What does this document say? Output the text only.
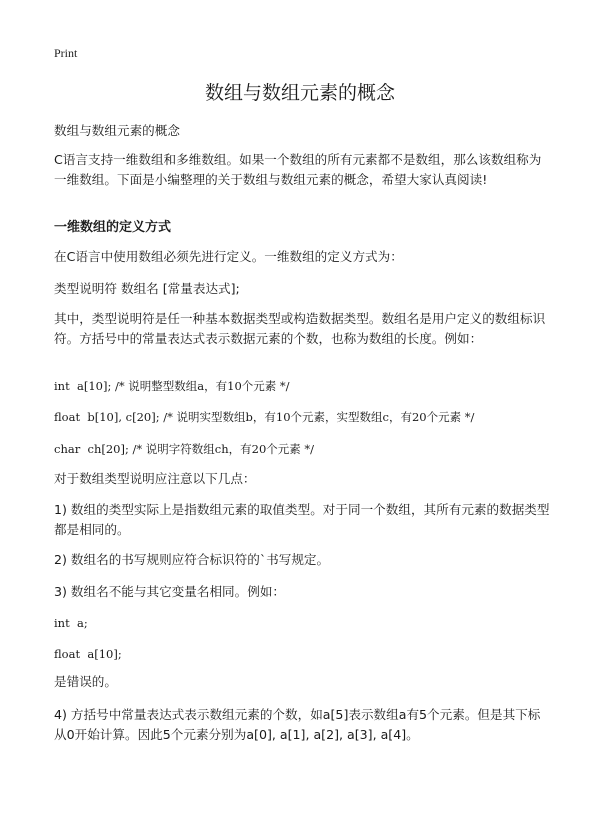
Print
数组与数组元素的概念

数组与数组元素的概念

C语言支持一维数组和多维数组。如果一个数组的所有元素都不是数组，那么该数组称为一维数组。下面是小编整理的关于数组与数组元素的概念，希望大家认真阅读!

一维数组的定义方式

在C语言中使用数组必须先进行定义。一维数组的定义方式为：

类型说明符 数组名 [常量表达式];

其中，类型说明符是任一种基本数据类型或构造数据类型。数组名是用户定义的数组标识符。方括号中的常量表达式表示数据元素的个数，也称为数组的长度。例如：

int  a[10]; /* 说明整型数组a，有10个元素 */

float  b[10], c[20]; /* 说明实型数组b，有10个元素，实型数组c，有20个元素 */

char  ch[20]; /* 说明字符数组ch，有20个元素 */

对于数组类型说明应注意以下几点：

1) 数组的类型实际上是指数组元素的取值类型。对于同一个数组，其所有元素的数据类型都是相同的。

2) 数组名的书写规则应符合标识符的`书写规定。

3) 数组名不能与其它变量名相同。例如：

int  a;

float  a[10];

是错误的。

4) 方括号中常量表达式表示数组元素的个数，如a[5]表示数组a有5个元素。但是其下标从0开始计算。因此5个元素分别为a[0], a[1], a[2], a[3], a[4]。
